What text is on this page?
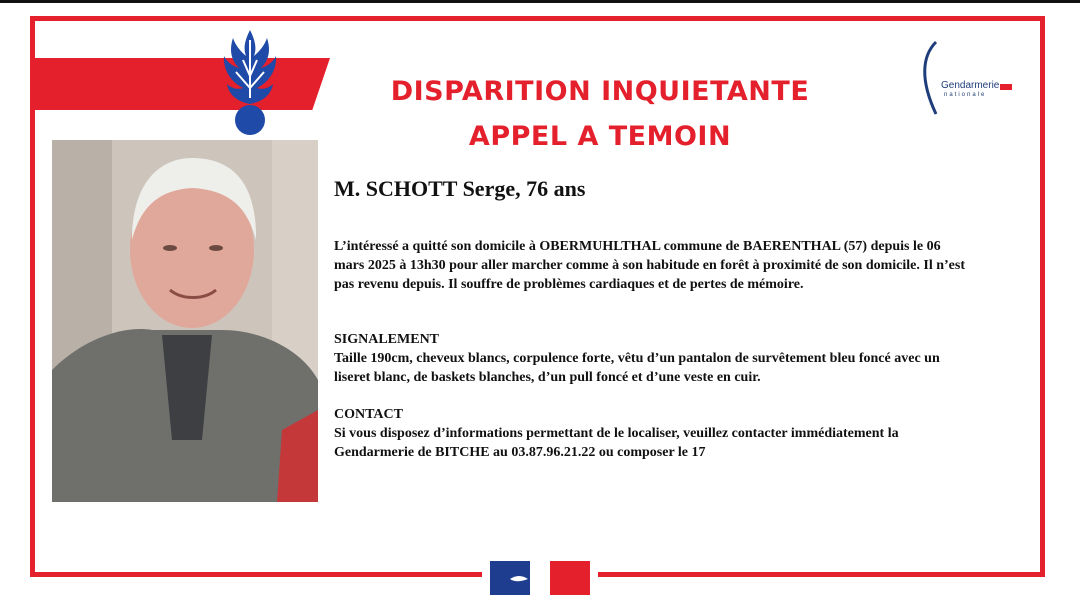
DISPARITION INQUIETANTE
APPEL A TEMOIN
Gendarmerie
nationale

M. SCHOTT Serge, 76 ans

L’intéressé a quitté son domicile à OBERMUHLTHAL commune de BAERENTHAL (57) depuis le 06 mars 2025 à 13h30 pour aller marcher comme à son habitude en forêt à proximité de son domicile. Il n’est pas revenu depuis. Il souffre de problèmes cardiaques et de pertes de mémoire.

SIGNALEMENT

Taille 190cm, cheveux blancs, corpulence forte, vêtu d’un pantalon de survêtement bleu foncé avec un liseret blanc, de baskets blanches, d’un pull foncé et d’une veste en cuir.

CONTACT

Si vous disposez d’informations permettant de le localiser, veuillez contacter immédiatement la Gendarmerie de BITCHE au 03.87.96.21.22 ou composer le 17
